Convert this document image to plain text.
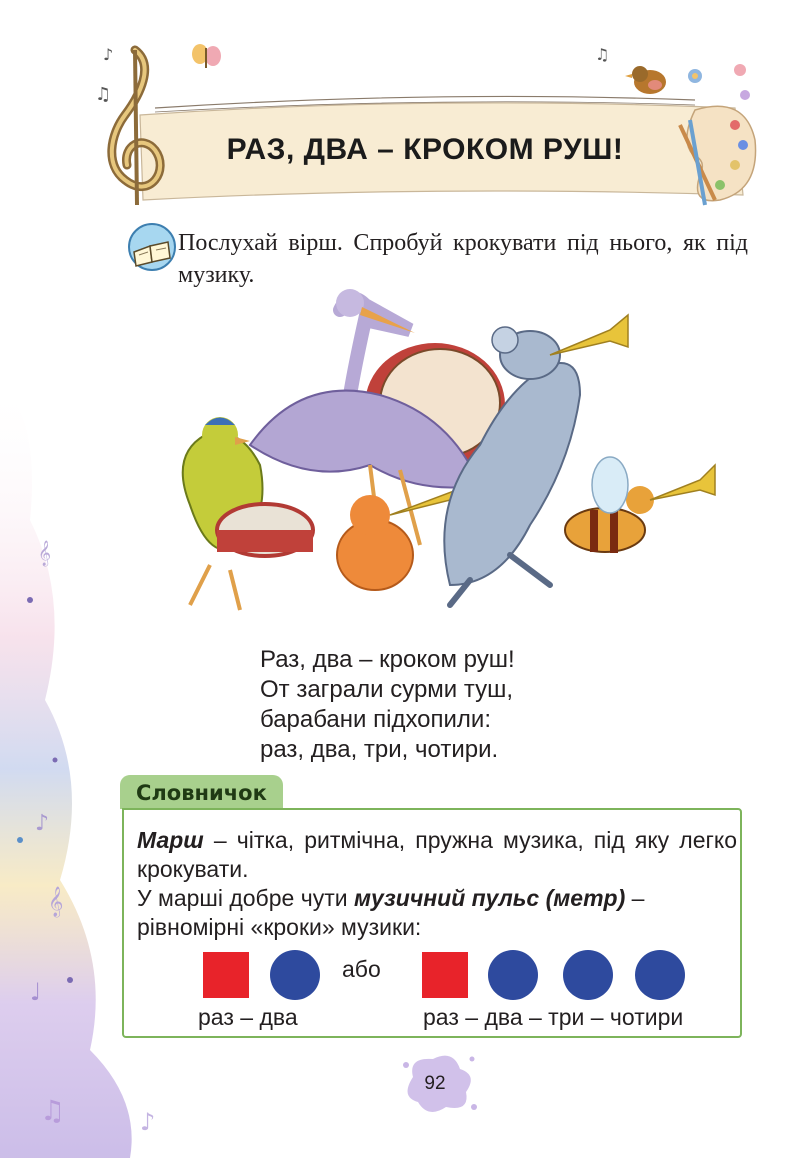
𝄞
♪
𝄞
♩
♫	♪
♪
♫
♫
РАЗ, ДВА – КРОКОМ РУШ!
Послухай вірш. Спробуй крокувати під нього, як під музику.
Раз, два – кроком руш!
От заграли сурми туш,
барабани підхопили:
раз, два, три, чотири.
Словничок
Марш – чітка, ритмічна, пружна музика, під яку легко крокувати.
У марші добре чути музичний пульс (метр) – рівномірні «кроки» музики:
або
раз – два	раз – два – три – чотири
92
